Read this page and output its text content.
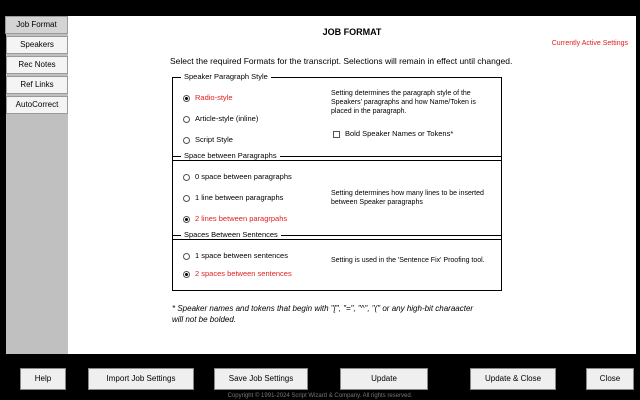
Job Format
Speakers
Rec Notes
Ref Links
AutoCorrect
JOB FORMAT
Currently Active Settings
Select the required Formats for the transcript. Selections will remain in effect until changed.
Speaker Paragraph Style
Radio-style
Article-style (inline)
Script Style
Setting determines the paragraph style of the Speakers' paragraphs and how Name/Token is placed in the paragraph.
Bold Speaker Names or Tokens*
Space between Paragraphs
0 space between paragraphs
1 line between paragraphs
2 lines between paragrpahs
Setting determines how many lines to be inserted between Speaker paragraphs
Spaces Between Sentences
1 space between sentences
2 spaces between sentences
Setting is used in the 'Sentence Fix' Proofing tool.
* Speaker names and tokens that begin with "[", "=", "^", "(" or any high-bit charaacter will not be bolded.
Help	Import Job Settings	Save Job Settings	Update	Update & Close	Close
Copyright © 1991-2024 Script Wizard & Company. All rights reserved.
